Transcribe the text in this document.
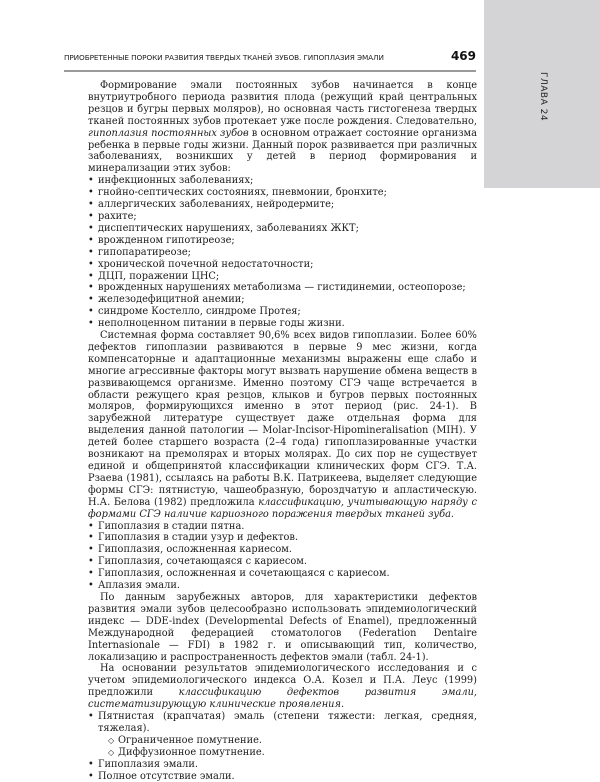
ГЛАВА 24
ПРИОБРЕТЕННЫЕ ПОРОКИ РАЗВИТИЯ ТВЕРДЫХ ТКАНЕЙ ЗУБОВ. ГИПОПЛАЗИЯ ЭМАЛИ	469

Формирование эмали постоянных зубов начинается в конце внутриутробного периода развития плода (режущий край центральных резцов и бугры первых моляров), но основная часть гистогенеза твердых тканей постоянных зубов протекает уже после рождения. Следовательно, гипоплазия постоянных зубов в основном отражает состояние организма ребенка в первые годы жизни. Данный порок развивается при различных заболеваниях, возникших у детей в период формирования и минерализации этих зубов:

• инфекционных заболеваниях;
• гнойно-септических состояниях, пневмонии, бронхите;
• аллергических заболеваниях, нейродермите;
• рахите;
• диспептических нарушениях, заболеваниях ЖКТ;
• врожденном гипотиреозе;
• гипопаратиреозе;
• хронической почечной недостаточности;
• ДЦП, поражении ЦНС;
• врожденных нарушениях метаболизма — гистидинемии, остеопорозе;
• железодефицитной анемии;
• синдроме Костелло, синдроме Протея;
• неполноценном питании в первые годы жизни.

Системная форма составляет 90,6% всех видов гипоплазии. Более 60% дефектов гипоплазии развиваются в первые 9 мес жизни, когда компенсаторные и адаптационные механизмы выражены еще слабо и многие агрессивные факторы могут вызвать нарушение обмена веществ в развивающемся организме. Именно поэтому СГЭ чаще встречается в области режущего края резцов, клыков и бугров первых постоянных моляров, формирующихся именно в этот период (рис. 24-1). В зарубежной литературе существует даже отдельная форма для выделения данной патологии — Molar-Incisor-Hipomineralisation (MIH). У детей более старшего возраста (2–4 года) гипоплазированные участки возникают на премолярах и вторых молярах. До сих пор не существует единой и общепринятой классификации клинических форм СГЭ. Т.А. Рзаева (1981), ссылаясь на работы В.К. Патрикеева, выделяет следующие формы СГЭ: пятнистую, чашеобразную, бороздчатую и апластическую. Н.А. Белова (1982) предложила классификацию, учитывающую наряду с формами СГЭ наличие кариозного поражения твердых тканей зуба.

• Гипоплазия в стадии пятна.
• Гипоплазия в стадии узур и дефектов.
• Гипоплазия, осложненная кариесом.
• Гипоплазия, сочетающаяся с кариесом.
• Гипоплазия, осложненная и сочетающаяся с кариесом.
• Аплазия эмали.

По данным зарубежных авторов, для характеристики дефектов развития эмали зубов целесообразно использовать эпидемиологический индекс — DDE-index (Developmental Defects of Enamel), предложенный Международной федерацией стоматологов (Federation Dentaire Internasionale — FDI) в 1982 г. и описывающий тип, количество, локализацию и распространенность дефектов эмали (табл. 24-1).

На основании результатов эпидемиологического исследования и с учетом эпидемиологического индекса О.А. Козел и П.А. Леус (1999) предложили классификацию дефектов развития эмали, систематизирующую клинические проявления.

• Пятнистая (крапчатая) эмаль (степени тяжести: легкая, средняя, тяжелая).
◇ Ограниченное помутнение.
◇ Диффузионное помутнение.
• Гипоплазия эмали.
• Полное отсутствие эмали.
